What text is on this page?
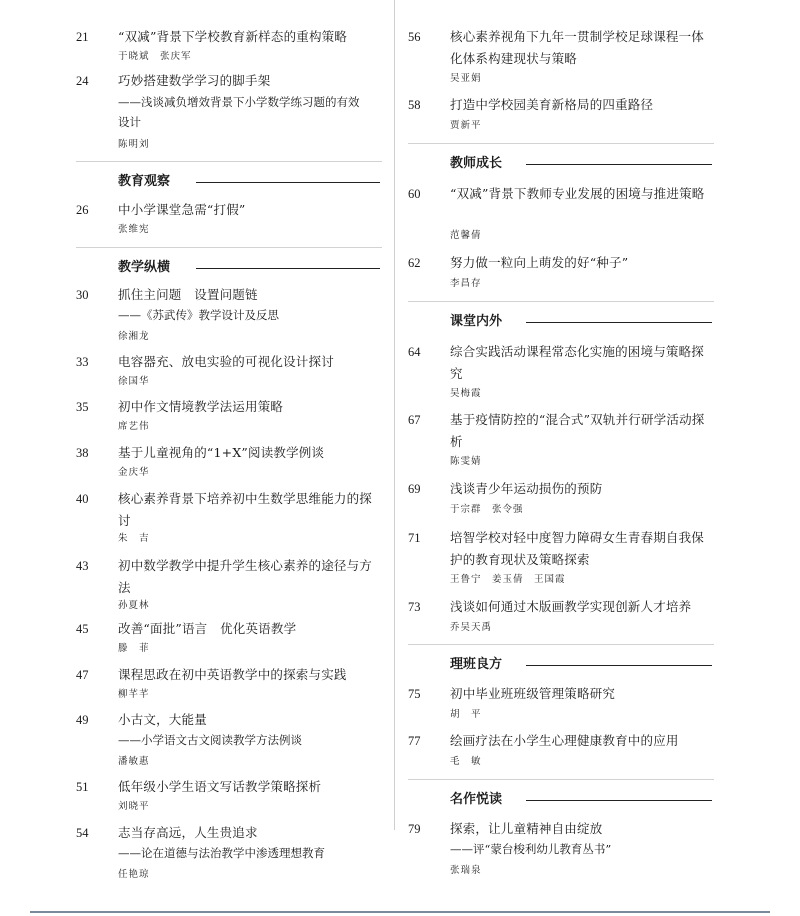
21	“双减”背景下学校教育新样态的重构策略
于晓斌　张庆军
24	巧妙搭建数学学习的脚手架
——浅谈减负增效背景下小学数学练习题的有效设计
陈明刘
教育观察
26	中小学课堂急需“打假”
张维宪
教学纵横
30	抓住主问题　设置问题链
——《苏武传》教学设计及反思
徐湘龙
33	电容器充、放电实验的可视化设计探讨
徐国华
35	初中作文情境教学法运用策略
席艺伟
38	基于儿童视角的“1+X”阅读教学例谈
金庆华
40	核心素养背景下培养初中生数学思维能力的探讨
朱　吉
43	初中数学教学中提升学生核心素养的途径与方法
孙夏林
45	改善“面批”语言　优化英语教学
滕　菲
47	课程思政在初中英语教学中的探索与实践
柳芊芊
49	小古文，大能量
——小学语文古文阅读教学方法例谈
潘敏惠
51	低年级小学生语文写话教学策略探析
刘晓平
54	志当存高远，人生贵追求
——论在道德与法治教学中渗透理想教育
任艳琼
56	核心素养视角下九年一贯制学校足球课程一体化体系构建现状与策略
吴亚娟
58	打造中学校园美育新格局的四重路径
贾新平
教师成长
60	“双减”背景下教师专业发展的困境与推进策略
范馨倩
62	努力做一粒向上萌发的好“种子”
李昌存
课堂内外
64	综合实践活动课程常态化实施的困境与策略探究
吴梅霞
67	基于疫情防控的“混合式”双轨并行研学活动探析
陈雯婧
69	浅谈青少年运动损伤的预防
于宗群　张令强
71	培智学校对轻中度智力障碍女生青春期自我保护的教育现状及策略探索
王鲁宁　姜玉倩　王国霞
73	浅谈如何通过木版画教学实现创新人才培养
乔吴天禹
理班良方
75	初中毕业班班级管理策略研究
胡　平
77	绘画疗法在小学生心理健康教育中的应用
毛　敏
名作悦读
79	探索，让儿童精神自由绽放
——评“蒙台梭利幼儿教育丛书”
张瑞泉
